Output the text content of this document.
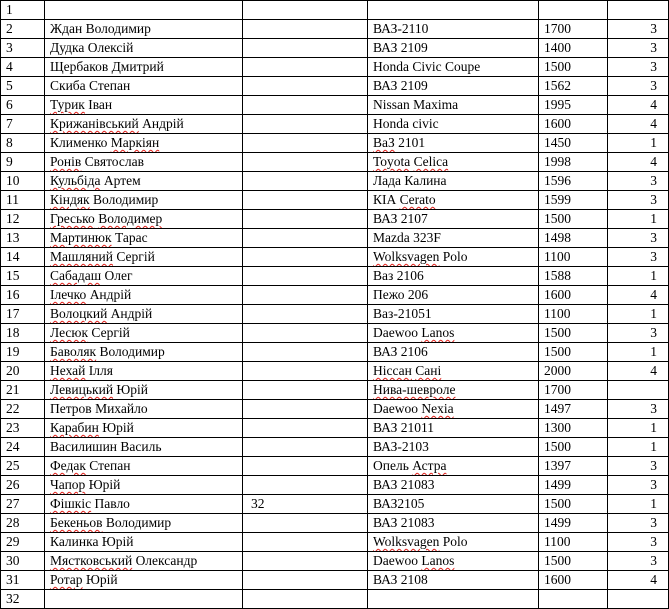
1					
2	Ждан Володимир		ВАЗ-2110	1700	3
3	Дудка Олексій		ВАЗ 2109	1400	3
4	Щербаков Дмитрий		Honda Civic Coupe	1500	3
5	Скиба Степан		ВАЗ 2109	1562	3
6	Турик Іван		Nissan Maxima	1995	4
7	Крижанівський Андрій		Honda civic	1600	4
8	Клименко Маркіян		ВаЗ 2101	1450	1
9	Ронів Святослав		Toyota Celica	1998	4
10	Кульбіда Артем		Лада Калина	1596	3
11	Кіндяк Володимир		КІА Cerato	1599	3
12	Гресько Володимер		ВАЗ 2107	1500	1
13	Мартинюк Тарас		Mazda 323F	1498	3
14	Машляний Сергій		Wolksvagen Polo	1100	3
15	Сабадаш Олег		Ваз 2106	1588	1
16	Ілечко Андрій		Пежо 206	1600	4
17	Волоцкий Андрій		Ваз-21051	1100	1
18	Лесюк Сергій		Daewoo Lanos	1500	3
19	Баволяк Володимир		ВАЗ 2106	1500	1
20	Нехай Ілля		Ніссан Сані	2000	4
21	Левицький Юрій		Нива-шевроле	1700	
22	Петров Михайло		Daewoo Nexia	1497	3
23	Карабин Юрій		ВАЗ 21011	1300	1
24	Василишин Василь		ВАЗ-2103	1500	1
25	Федак Степан		Опель Астра	1397	3
26	Чапор Юрій		ВАЗ 21083	1499	3
27	Фішкіс Павло	32	ВАЗ2105	1500	1
28	Бекеньов Володимир		ВАЗ 21083	1499	3
29	Калинка Юрій		Wolksvagen Polo	1100	3
30	Мястковський Олександр		Daewoo Lanos	1500	3
31	Ротар Юрій		ВАЗ 2108	1600	4
32					
